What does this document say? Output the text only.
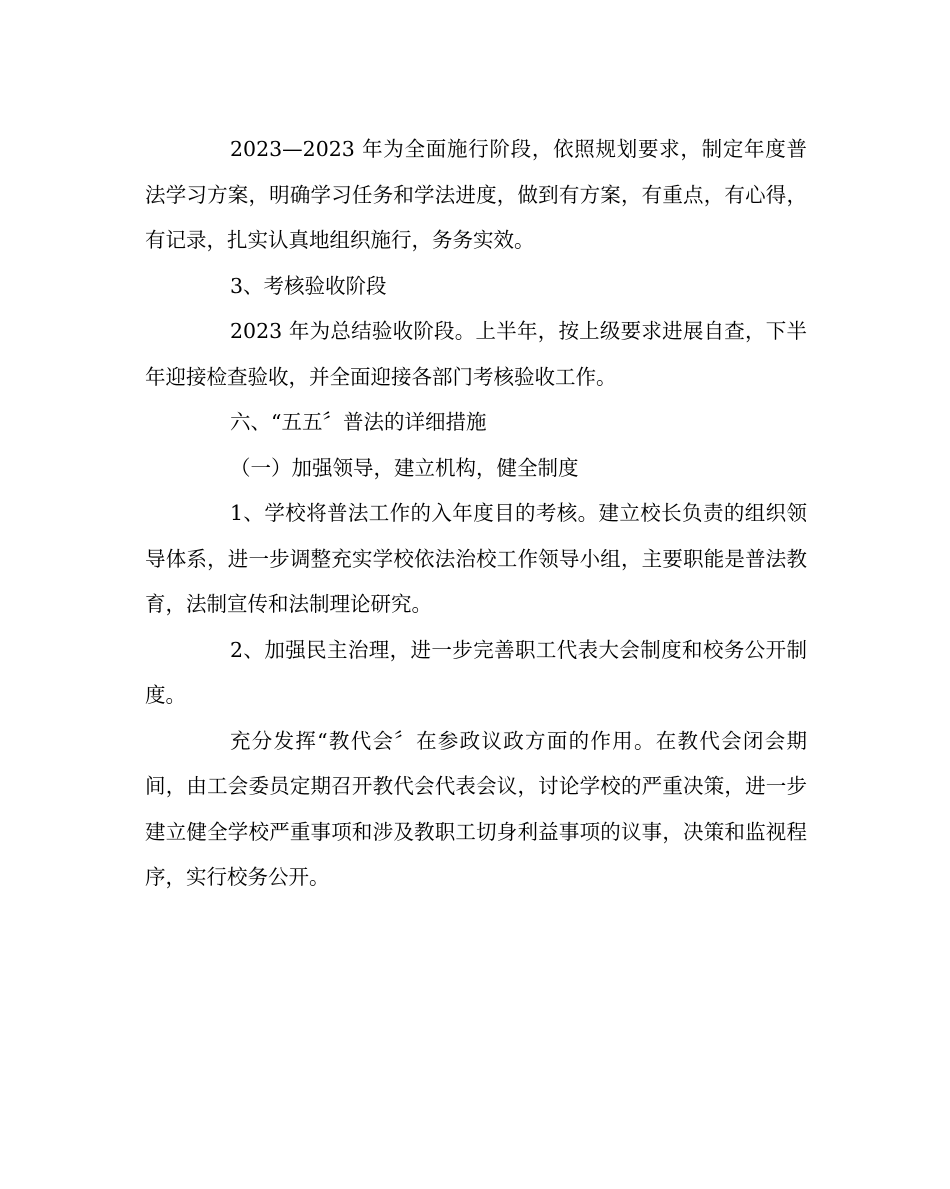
2023—2023 年为全面施行阶段，依照规划要求，制定年度普法学习方案，明确学习任务和学法进度，做到有方案，有重点，有心得，有记录，扎实认真地组织施行，务务实效。

3、考核验收阶段

2023 年为总结验收阶段。上半年，按上级要求进展自查，下半年迎接检查验收，并全面迎接各部门考核验收工作。

六、“五五〞普法的详细措施

（一）加强领导，建立机构，健全制度

1、学校将普法工作的入年度目的考核。建立校长负责的组织领导体系，进一步调整充实学校依法治校工作领导小组，主要职能是普法教育，法制宣传和法制理论研究。

2、加强民主治理，进一步完善职工代表大会制度和校务公开制度。

充分发挥“教代会〞在参政议政方面的作用。在教代会闭会期间，由工会委员定期召开教代会代表会议，讨论学校的严重决策，进一步建立健全学校严重事项和涉及教职工切身利益事项的议事，决策和监视程序，实行校务公开。
